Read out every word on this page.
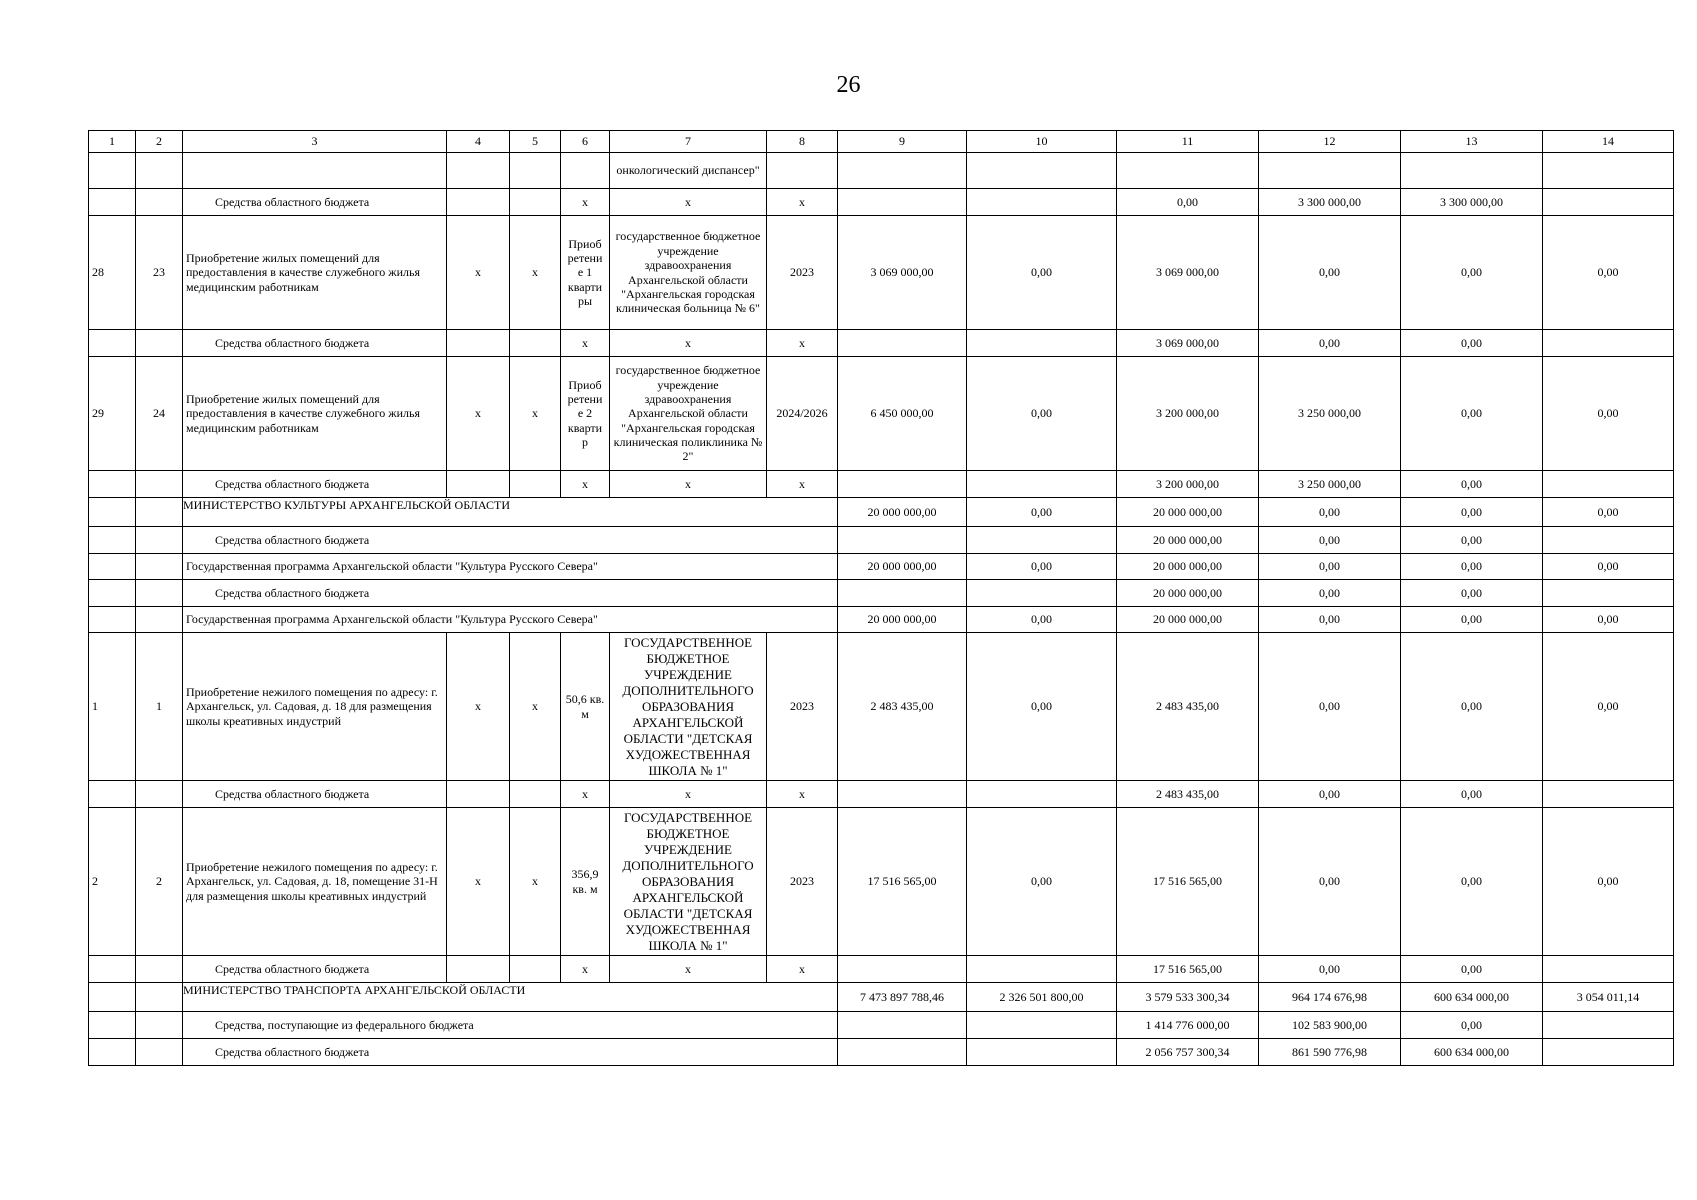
26
1	2	3	4	5	6	7	8	9	10	11	12	13	14
						онкологический диспансер"							
		Средства областного бюджета			х	х	х			0,00	3 300 000,00	3 300 000,00	
28	23	Приобретение жилых помещений для предоставления в качестве служебного жилья медицинским работникам	х	х	Приоб ретени е 1 кварти ры	государственное бюджетное учреждение здравоохранения Архангельской области "Архангельская городская клиническая больница № 6"	2023	3 069 000,00	0,00	3 069 000,00	0,00	0,00	0,00
		Средства областного бюджета			х	х	х			3 069 000,00	0,00	0,00	
29	24	Приобретение жилых помещений для предоставления в качестве служебного жилья медицинским работникам	х	х	Приоб ретени е 2 кварти р	государственное бюджетное учреждение здравоохранения Архангельской области "Архангельская городская клиническая поликлиника № 2"	2024/2026	6 450 000,00	0,00	3 200 000,00	3 250 000,00	0,00	0,00
		Средства областного бюджета			х	х	х			3 200 000,00	3 250 000,00	0,00	
		МИНИСТЕРСТВО КУЛЬТУРЫ АРХАНГЕЛЬСКОЙ ОБЛАСТИ						20 000 000,00	0,00	20 000 000,00	0,00	0,00	0,00
		Средства областного бюджета								20 000 000,00	0,00	0,00	
		Государственная программа Архангельской области "Культура Русского Севера"						20 000 000,00	0,00	20 000 000,00	0,00	0,00	0,00
		Средства областного бюджета								20 000 000,00	0,00	0,00	
		Государственная программа Архангельской области "Культура Русского Севера"						20 000 000,00	0,00	20 000 000,00	0,00	0,00	0,00
1	1	Приобретение нежилого помещения по адресу: г. Архангельск, ул. Садовая, д. 18 для размещения школы креативных индустрий	х	х	50,6 кв. м	ГОСУДАРСТВЕННОЕ БЮДЖЕТНОЕ УЧРЕЖДЕНИЕ ДОПОЛНИТЕЛЬНОГО ОБРАЗОВАНИЯ АРХАНГЕЛЬСКОЙ ОБЛАСТИ "ДЕТСКАЯ ХУДОЖЕСТВЕННАЯ ШКОЛА № 1"	2023	2 483 435,00	0,00	2 483 435,00	0,00	0,00	0,00
		Средства областного бюджета			х	х	х			2 483 435,00	0,00	0,00	
2	2	Приобретение нежилого помещения по адресу: г. Архангельск, ул. Садовая, д. 18, помещение 31-Н для размещения школы креативных индустрий	х	х	356,9 кв. м	ГОСУДАРСТВЕННОЕ БЮДЖЕТНОЕ УЧРЕЖДЕНИЕ ДОПОЛНИТЕЛЬНОГО ОБРАЗОВАНИЯ АРХАНГЕЛЬСКОЙ ОБЛАСТИ "ДЕТСКАЯ ХУДОЖЕСТВЕННАЯ ШКОЛА № 1"	2023	17 516 565,00	0,00	17 516 565,00	0,00	0,00	0,00
		Средства областного бюджета			х	х	х			17 516 565,00	0,00	0,00	
		МИНИСТЕРСТВО ТРАНСПОРТА АРХАНГЕЛЬСКОЙ ОБЛАСТИ						7 473 897 788,46	2 326 501 800,00	3 579 533 300,34	964 174 676,98	600 634 000,00	3 054 011,14
		Средства, поступающие из федерального бюджета								1 414 776 000,00	102 583 900,00	0,00	
		Средства областного бюджета								2 056 757 300,34	861 590 776,98	600 634 000,00	
